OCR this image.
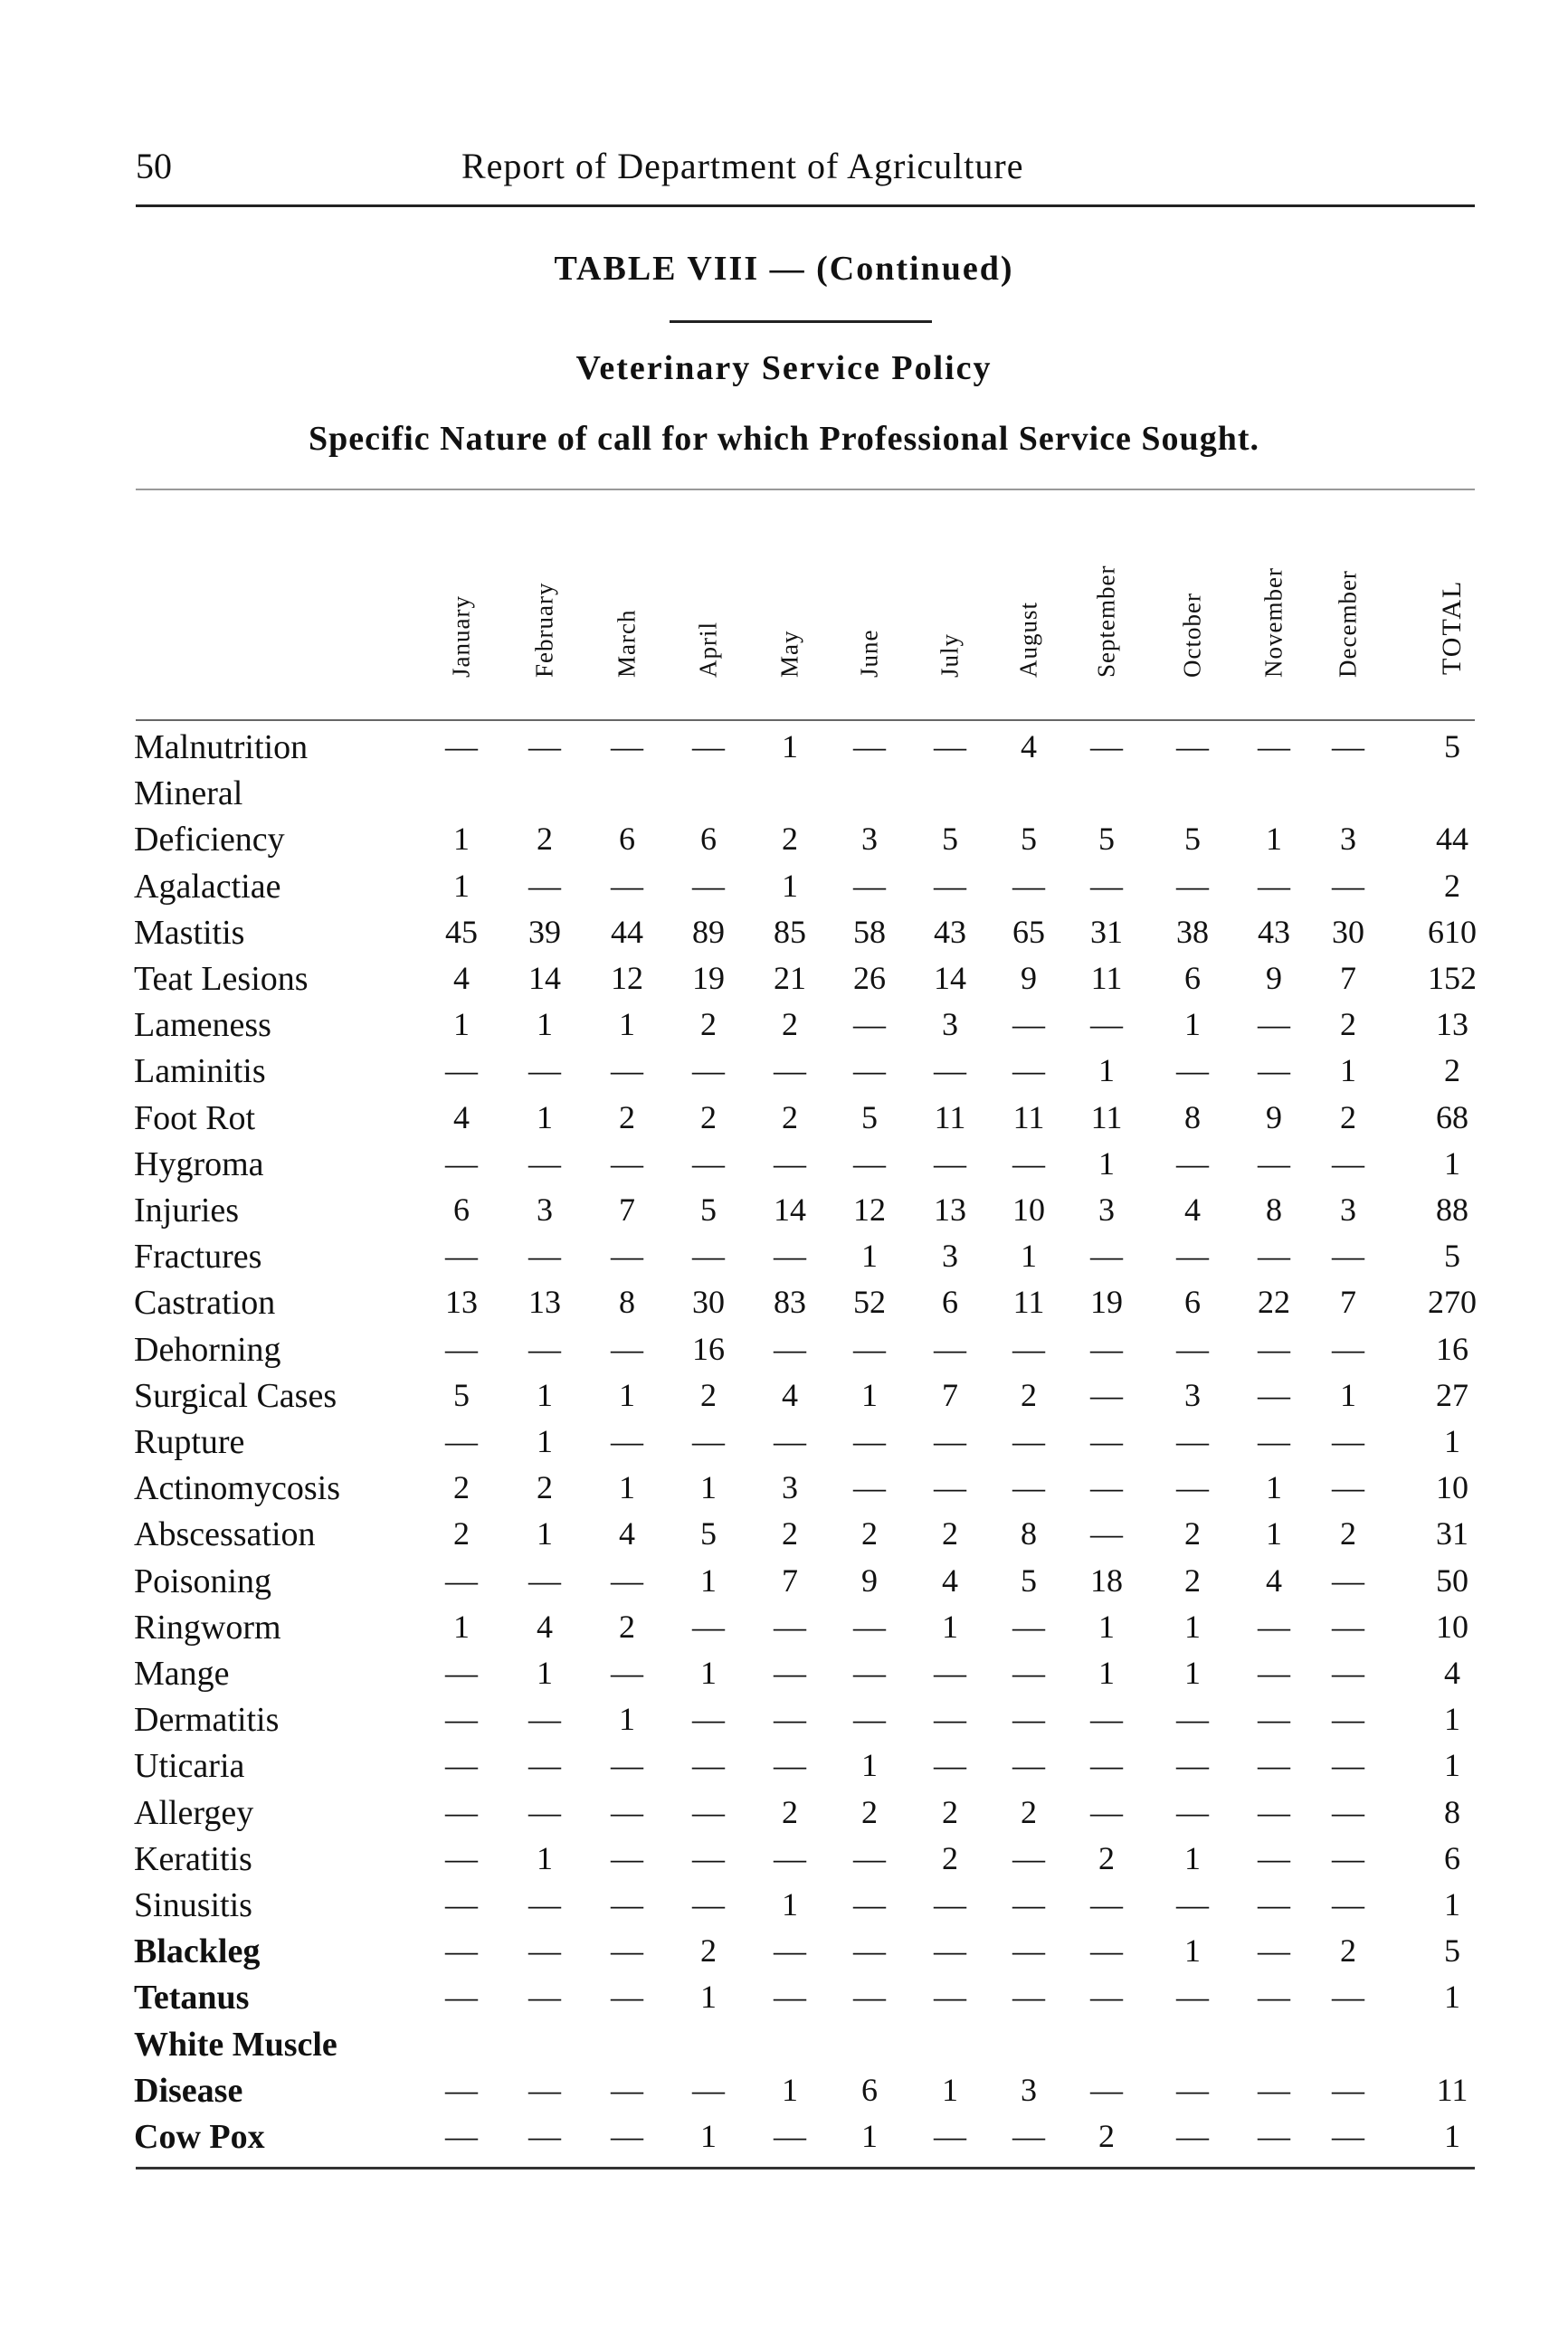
50	Report of Department of Agriculture
TABLE VIII — (Continued)
Veterinary Service Policy
Specific Nature of call for which Professional Service Sought.
January February March April May June July August September October November December	TOTAL
Malnutrition	—	—	—	—	1	—	—	4	—	—	—	—	5
Mineral
Deficiency	1	2	6	6	2	3	5	5	5	5	1	3	44
Agalactiae	1	—	—	—	1	—	—	—	—	—	—	—	2
Mastitis	45	39	44	89	85	58	43	65	31	38	43	30	610
Teat Lesions	4	14	12	19	21	26	14	9	11	6	9	7	152
Lameness	1	1	1	2	2	—	3	—	—	1	—	2	13
Laminitis	—	—	—	—	—	—	—	—	1	—	—	1	2
Foot Rot	4	1	2	2	2	5	11	11	11	8	9	2	68
Hygroma	—	—	—	—	—	—	—	—	1	—	—	—	1
Injuries	6	3	7	5	14	12	13	10	3	4	8	3	88
Fractures	—	—	—	—	—	1	3	1	—	—	—	—	5
Castration	13	13	8	30	83	52	6	11	19	6	22	7	270
Dehorning	—	—	—	16	—	—	—	—	—	—	—	—	16
Surgical Cases	5	1	1	2	4	1	7	2	—	3	—	1	27
Rupture	—	1	—	—	—	—	—	—	—	—	—	—	1
Actinomycosis	2	2	1	1	3	—	—	—	—	—	1	—	10
Abscessation	2	1	4	5	2	2	2	8	—	2	1	2	31
Poisoning	—	—	—	1	7	9	4	5	18	2	4	—	50
Ringworm	1	4	2	—	—	—	1	—	1	1	—	—	10
Mange	—	1	—	1	—	—	—	—	1	1	—	—	4
Dermatitis	—	—	1	—	—	—	—	—	—	—	—	—	1
Uticaria	—	—	—	—	—	1	—	—	—	—	—	—	1
Allergey	—	—	—	—	2	2	2	2	—	—	—	—	8
Keratitis	—	1	—	—	—	—	2	—	2	1	—	—	6
Sinusitis	—	—	—	—	1	—	—	—	—	—	—	—	1
Blackleg	—	—	—	2	—	—	—	—	—	1	—	2	5
Tetanus	—	—	—	1	—	—	—	—	—	—	—	—	1
White Muscle
Disease	—	—	—	—	1	6	1	3	—	—	—	—	11
Cow Pox	—	—	—	1	—	1	—	—	2	—	—	—	1
